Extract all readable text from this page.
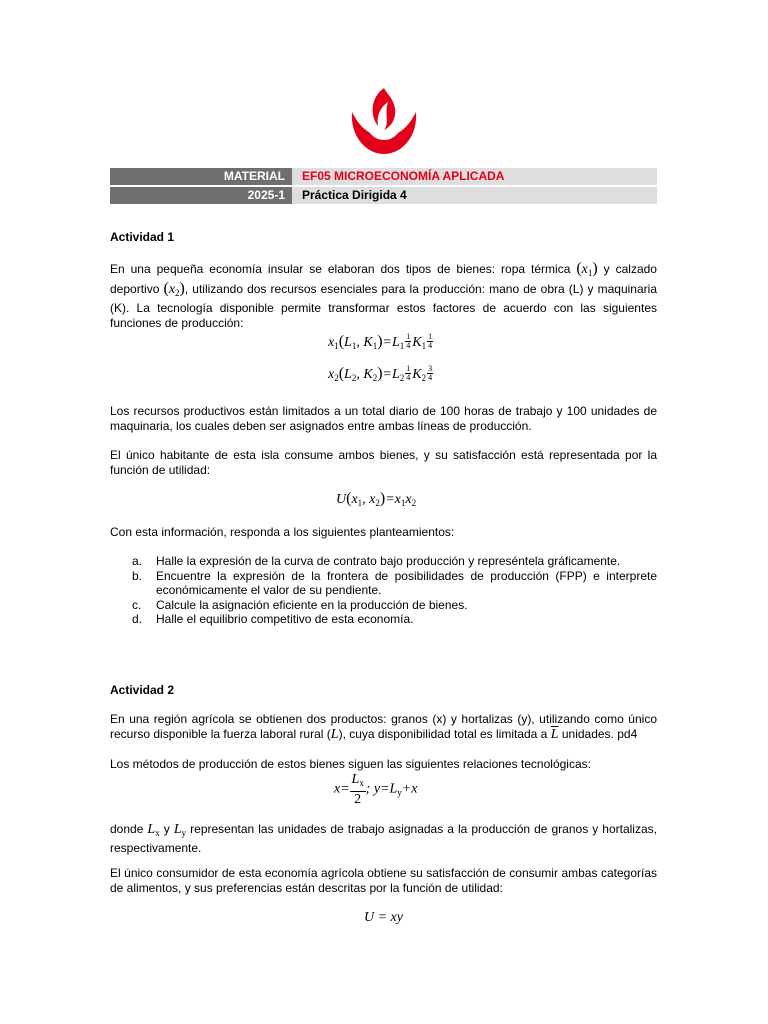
MATERIAL	EF05 MICROECONOMÍA APLICADA
2025-1	Práctica Dirigida 4
Actividad 1
En una pequeña economía insular se elaboran dos tipos de bienes: ropa térmica $(x_1)$ y calzado deportivo $(x_2)$, utilizando dos recursos esenciales para la producción: mano de obra (L) y maquinaria (K). La tecnología disponible permite transformar estos factores de acuerdo con las siguientes funciones de producción:
$x_1(L_1$, $K_1)=L_1 \frac{1}{4} K_1 \frac{1}{4}$
$x_2(L_2$, $K_2)=L_2 \frac{1}{4} K_2 \frac{3}{4}$
Los recursos productivos están limitados a un total diario de 100 horas de trabajo y 100 unidades de maquinaria, los cuales deben ser asignados entre ambas líneas de producción.
El único habitante de esta isla consume ambos bienes, y su satisfacción está representada por la función de utilidad:
$U(x_1$, $x_2)=x_1x_2$
Con esta información, responda a los siguientes planteamientos:
a.	Halle la expresión de la curva de contrato bajo producción y represéntela gráficamente.
b.	Encuentre la expresión de la frontera de posibilidades de producción (FPP) e interprete económicamente el valor de su pendiente.
c.	Calcule la asignación eficiente en la producción de bienes.
d.	Halle el equilibrio competitivo de esta economía.
Actividad 2
En una región agrícola se obtienen dos productos: granos (x) y hortalizas (y), utilizando como único recurso disponible la fuerza laboral rural (L), cuya disponibilidad total es limitada a $\overline{L}$ unidades. pd4
Los métodos de producción de estos bienes siguen las siguientes relaciones tecnológicas:
$x= \frac{L_x}{2}$ ; $y=L_y+x$
donde $L_x$ y $L_y$ representan las unidades de trabajo asignadas a la producción de granos y hortalizas, respectivamente.
El único consumidor de esta economía agrícola obtiene su satisfacción de consumir ambas categorías de alimentos, y sus preferencias están descritas por la función de utilidad:
U = xy
